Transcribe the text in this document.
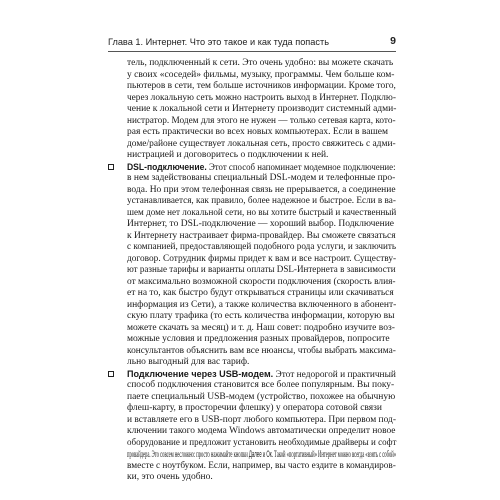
Глава 1. Интернет. Что это такое и как туда попасть	9
тель, подключенный к сети. Это очень удобно: вы можете скачать
у своих «соседей» фильмы, музыку, программы. Чем больше ком-
пьютеров в сети, тем больше источников информации. Кроме того,
через локальную сеть можно настроить выход в Интернет. Подклю-
чение к локальной сети и Интернету производит системный адми-
нистратор. Модем для этого не нужен — только сетевая карта, кото-
рая есть практически во всех новых компьютерах. Если в вашем
доме/районе существует локальная сеть, просто свяжитесь с адми-
нистрацией и договоритесь о подключении к ней.
DSL-подключение. Этот способ напоминает модемное подключение:
в нем задействованы специальный DSL-модем и телефонные про-
вода. Но при этом телефонная связь не прерывается, а соединение
устанавливается, как правило, более надежное и быстрое. Если в ва-
шем доме нет локальной сети, но вы хотите быстрый и качественный
Интернет, то DSL-подключение — хороший выбор. Подключение
к Интернету настраивает фирма-провайдер. Вы сможете связаться
с компанией, предоставляющей подобного рода услуги, и заключить
договор. Сотрудник фирмы придет к вам и все настроит. Существу-
ют разные тарифы и варианты оплаты DSL-Интернета в зависимости
от максимально возможной скорости подключения (скорость влия-
ет на то, как быстро будут открываться страницы или скачиваться
информация из Сети), а также количества включенного в абонент-
скую плату трафика (то есть количества информации, которую вы
можете скачать за месяц) и т. д. Наш совет: подробно изучите воз-
можные условия и предложения разных провайдеров, попросите
консультантов объяснить вам все нюансы, чтобы выбрать максима-
льно выгодный для вас тариф.
Подключение через USB-модем. Этот недорогой и практичный
способ подключения становится все более популярным. Вы поку-
паете специальный USB-модем (устройство, похожее на обычную
флеш-карту, в просторечии флешку) у оператора сотовой связи
и вставляете его в USB-порт любого компьютера. При первом под-
ключении такого модема Windows автоматически определит новое
оборудование и предложит установить необходимые драйверы и софт
провайдера. Это совсем несложно: просто нажимайте кнопки Далее и Ок. Такой «портативный» Интернет можно всегда «взять с собой»
вместе с ноутбуком. Если, например, вы часто ездите в командиров-
ки, это очень удобно.
